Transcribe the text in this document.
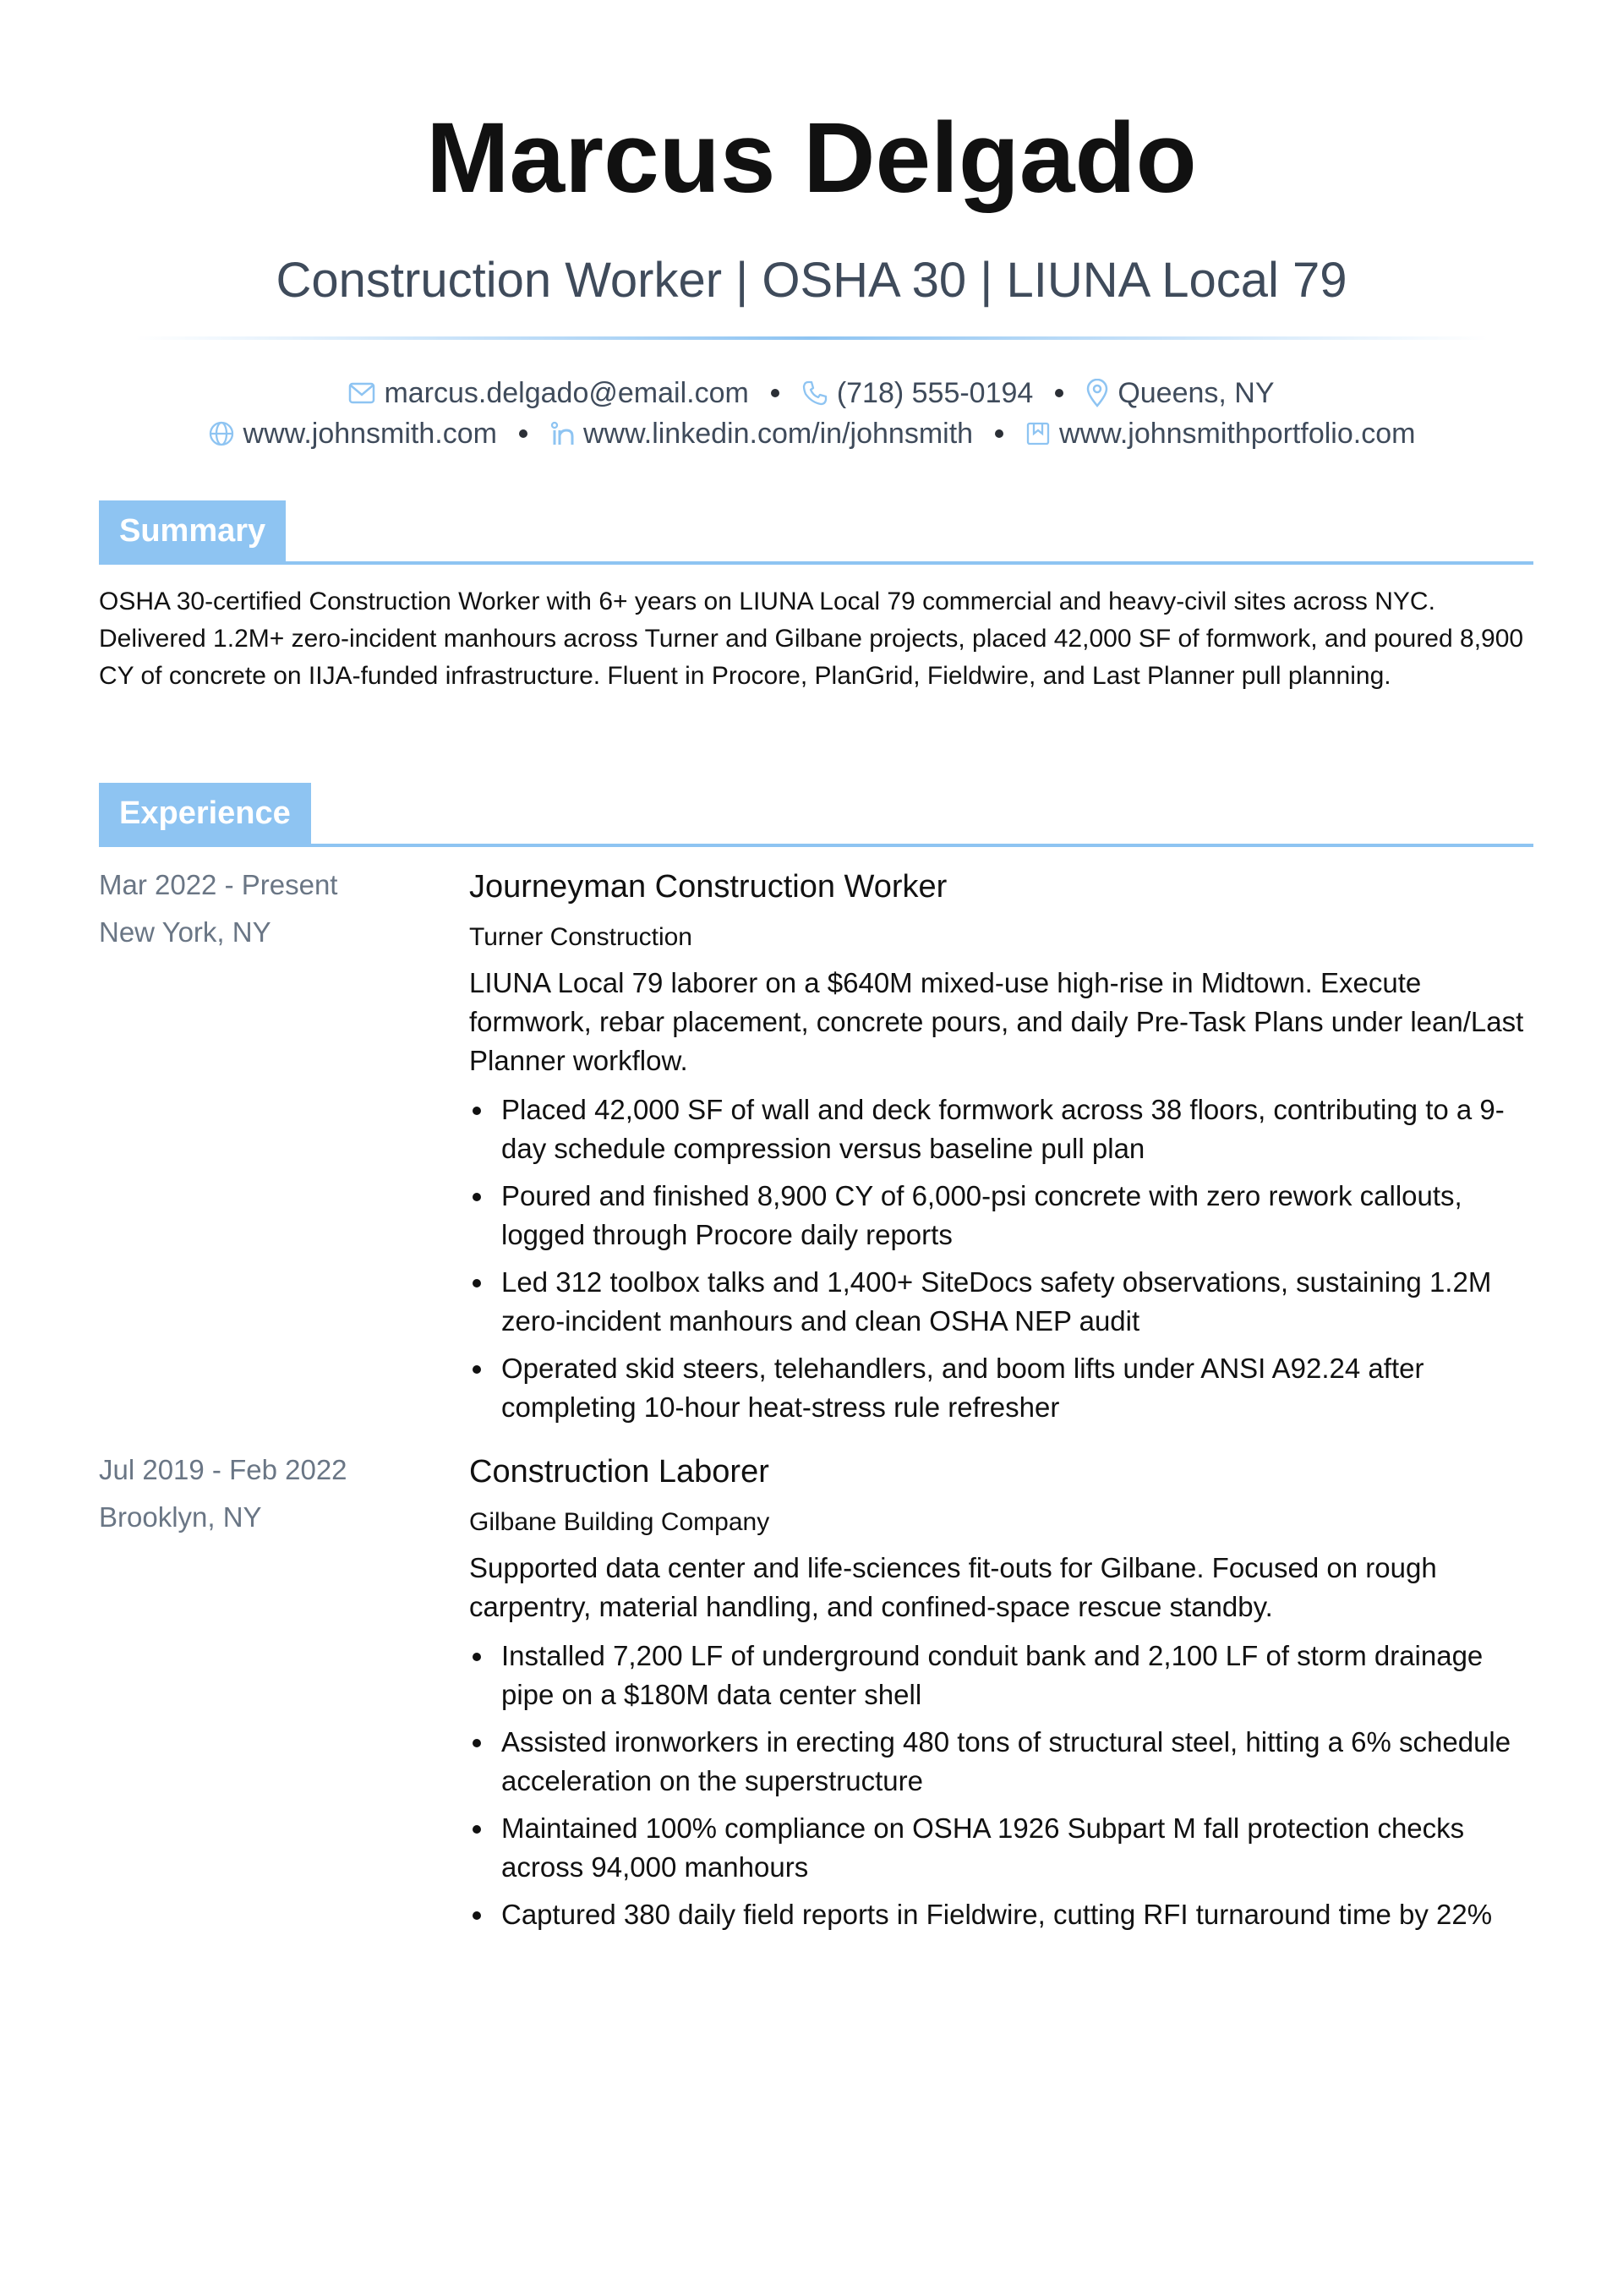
Marcus Delgado
Construction Worker | OSHA 30 | LIUNA Local 79
marcus.delgado@email.com	(718) 555-0194	Queens, NY
www.johnsmith.com	www.linkedin.com/in/johnsmith	www.johnsmithportfolio.com
Summary
OSHA 30-certified Construction Worker with 6+ years on LIUNA Local 79 commercial and heavy-civil sites across NYC. Delivered 1.2M+ zero-incident manhours across Turner and Gilbane projects, placed 42,000 SF of formwork, and poured 8,900 CY of concrete on IIJA-funded infrastructure. Fluent in Procore, PlanGrid, Fieldwire, and Last Planner pull planning.
Experience
Mar 2022 - Present
New York, NY
Journeyman Construction Worker
Turner Construction
LIUNA Local 79 laborer on a $640M mixed-use high-rise in Midtown. Execute formwork, rebar placement, concrete pours, and daily Pre-Task Plans under lean/Last Planner workflow.
Placed 42,000 SF of wall and deck formwork across 38 floors, contributing to a 9-day schedule compression versus baseline pull plan
Poured and finished 8,900 CY of 6,000-psi concrete with zero rework callouts, logged through Procore daily reports
Led 312 toolbox talks and 1,400+ SiteDocs safety observations, sustaining 1.2M zero-incident manhours and clean OSHA NEP audit
Operated skid steers, telehandlers, and boom lifts under ANSI A92.24 after completing 10-hour heat-stress rule refresher
Jul 2019 - Feb 2022
Brooklyn, NY
Construction Laborer
Gilbane Building Company
Supported data center and life-sciences fit-outs for Gilbane. Focused on rough carpentry, material handling, and confined-space rescue standby.
Installed 7,200 LF of underground conduit bank and 2,100 LF of storm drainage pipe on a $180M data center shell
Assisted ironworkers in erecting 480 tons of structural steel, hitting a 6% schedule acceleration on the superstructure
Maintained 100% compliance on OSHA 1926 Subpart M fall protection checks across 94,000 manhours
Captured 380 daily field reports in Fieldwire, cutting RFI turnaround time by 22%
